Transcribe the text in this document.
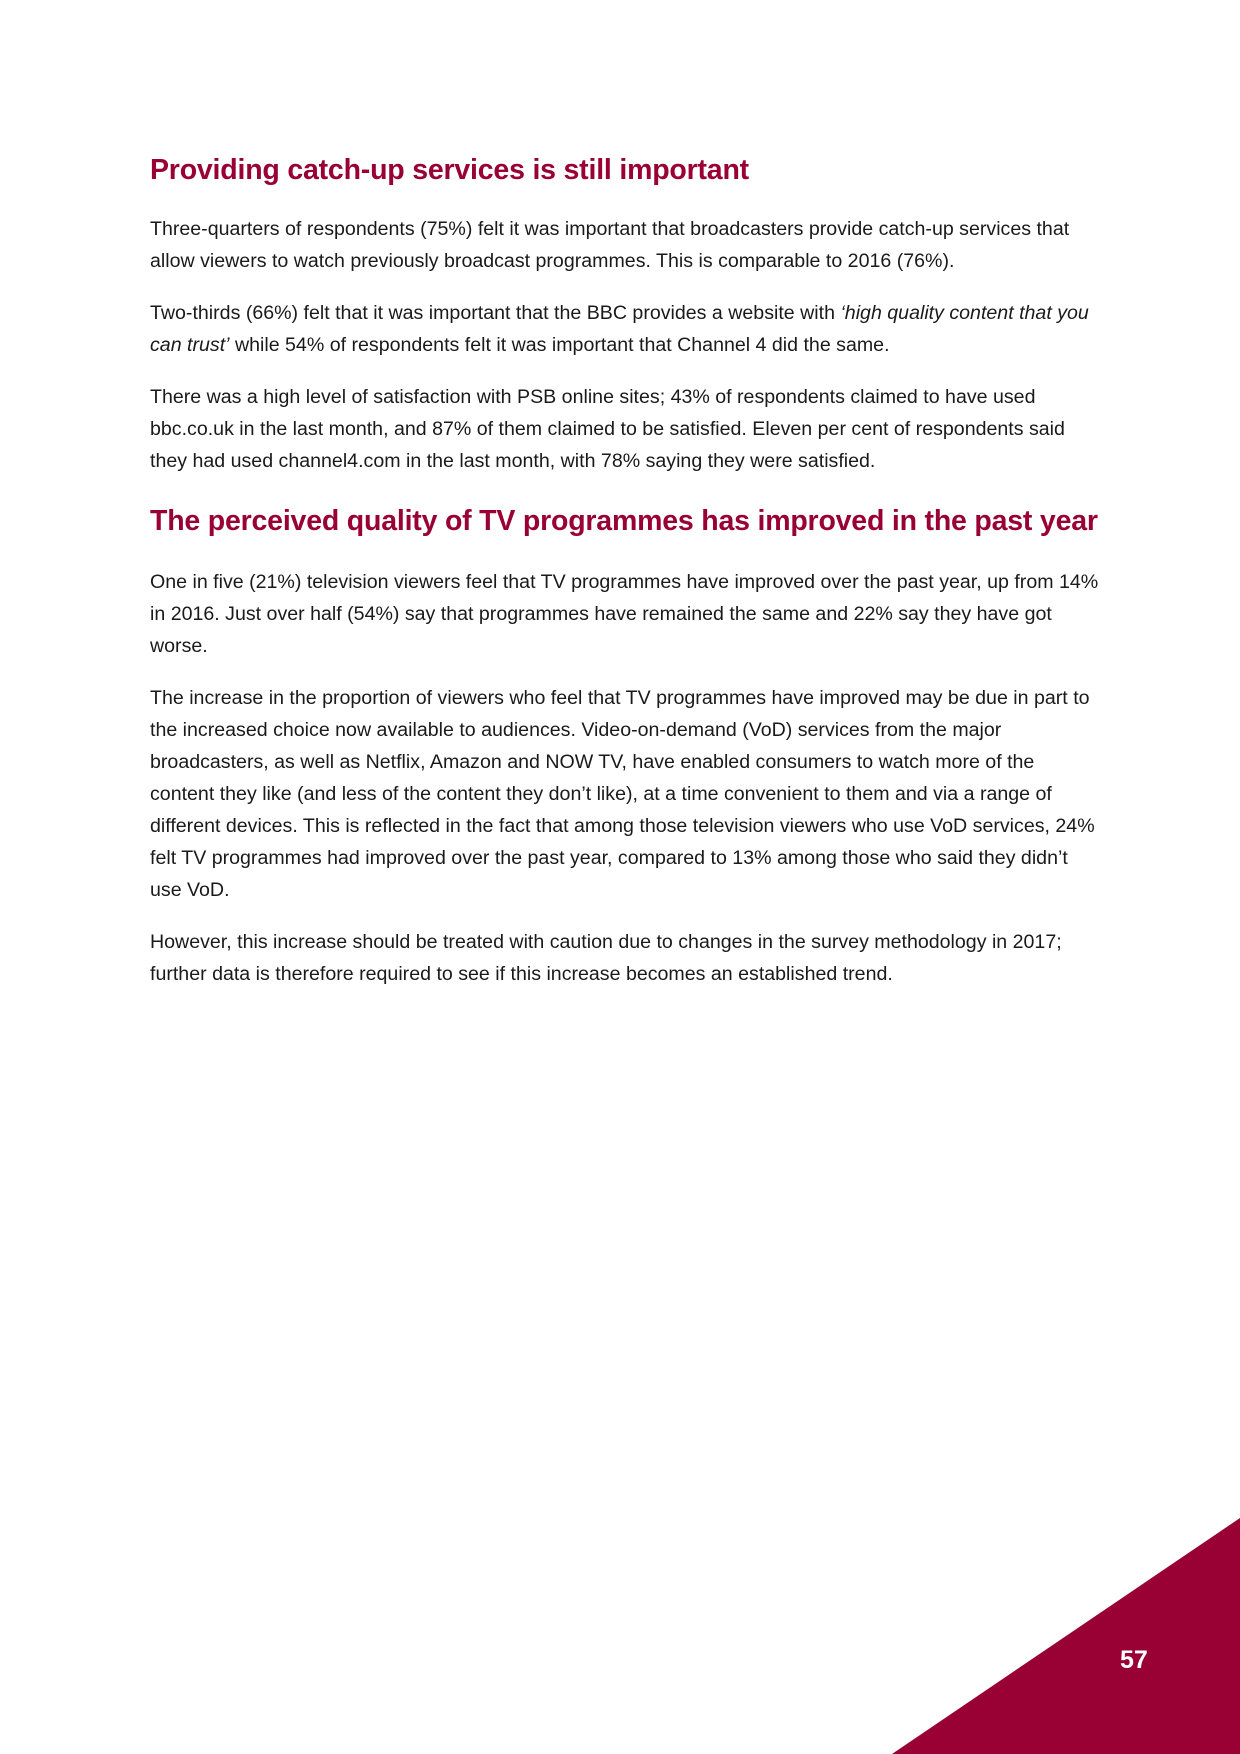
Providing catch-up services is still important

Three-quarters of respondents (75%) felt it was important that broadcasters provide catch-up services that allow viewers to watch previously broadcast programmes. This is comparable to 2016 (76%).

Two-thirds (66%) felt that it was important that the BBC provides a website with ‘high quality content that you can trust’ while 54% of respondents felt it was important that Channel 4 did the same.

There was a high level of satisfaction with PSB online sites; 43% of respondents claimed to have used bbc.co.uk in the last month, and 87% of them claimed to be satisfied. Eleven per cent of respondents said they had used channel4.com in the last month, with 78% saying they were satisfied.

The perceived quality of TV programmes has improved in the past year

One in five (21%) television viewers feel that TV programmes have improved over the past year, up from 14% in 2016. Just over half (54%) say that programmes have remained the same and 22% say they have got worse.

The increase in the proportion of viewers who feel that TV programmes have improved may be due in part to the increased choice now available to audiences. Video-on-demand (VoD) services from the major broadcasters, as well as Netflix, Amazon and NOW TV, have enabled consumers to watch more of the content they like (and less of the content they don’t like), at a time convenient to them and via a range of different devices. This is reflected in the fact that among those television viewers who use VoD services, 24% felt TV programmes had improved over the past year, compared to 13% among those who said they didn’t use VoD.

However, this increase should be treated with caution due to changes in the survey methodology in 2017; further data is therefore required to see if this increase becomes an established trend.

57
